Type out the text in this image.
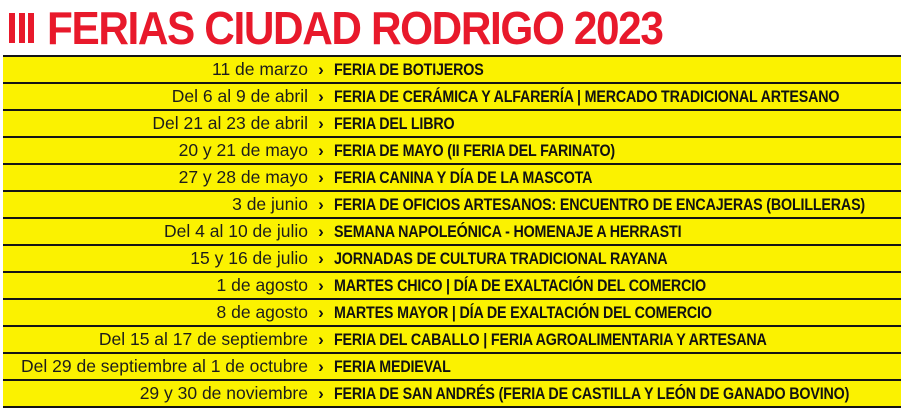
FERIAS CIUDAD RODRIGO 2023
11 de marzo › FERIA DE BOTIJEROS
Del 6 al 9 de abril › FERIA DE CERÁMICA Y ALFARERÍA | MERCADO TRADICIONAL ARTESANO
Del 21 al 23 de abril › FERIA DEL LIBRO
20 y 21 de mayo › FERIA DE MAYO (II FERIA DEL FARINATO)
27 y 28 de mayo › FERIA CANINA Y DÍA DE LA MASCOTA
3 de junio › FERIA DE OFICIOS ARTESANOS: ENCUENTRO DE ENCAJERAS (BOLILLERAS)
Del 4 al 10 de julio › SEMANA NAPOLEÓNICA - HOMENAJE A HERRASTI
15 y 16 de julio › JORNADAS DE CULTURA TRADICIONAL RAYANA
1 de agosto › MARTES CHICO | DÍA DE EXALTACIÓN DEL COMERCIO
8 de agosto › MARTES MAYOR | DÍA DE EXALTACIÓN DEL COMERCIO
Del 15 al 17 de septiembre › FERIA DEL CABALLO | FERIA AGROALIMENTARIA Y ARTESANA
Del 29 de septiembre al 1 de octubre › FERIA MEDIEVAL
29 y 30 de noviembre › FERIA DE SAN ANDRÉS (FERIA DE CASTILLA Y LEÓN DE GANADO BOVINO)
